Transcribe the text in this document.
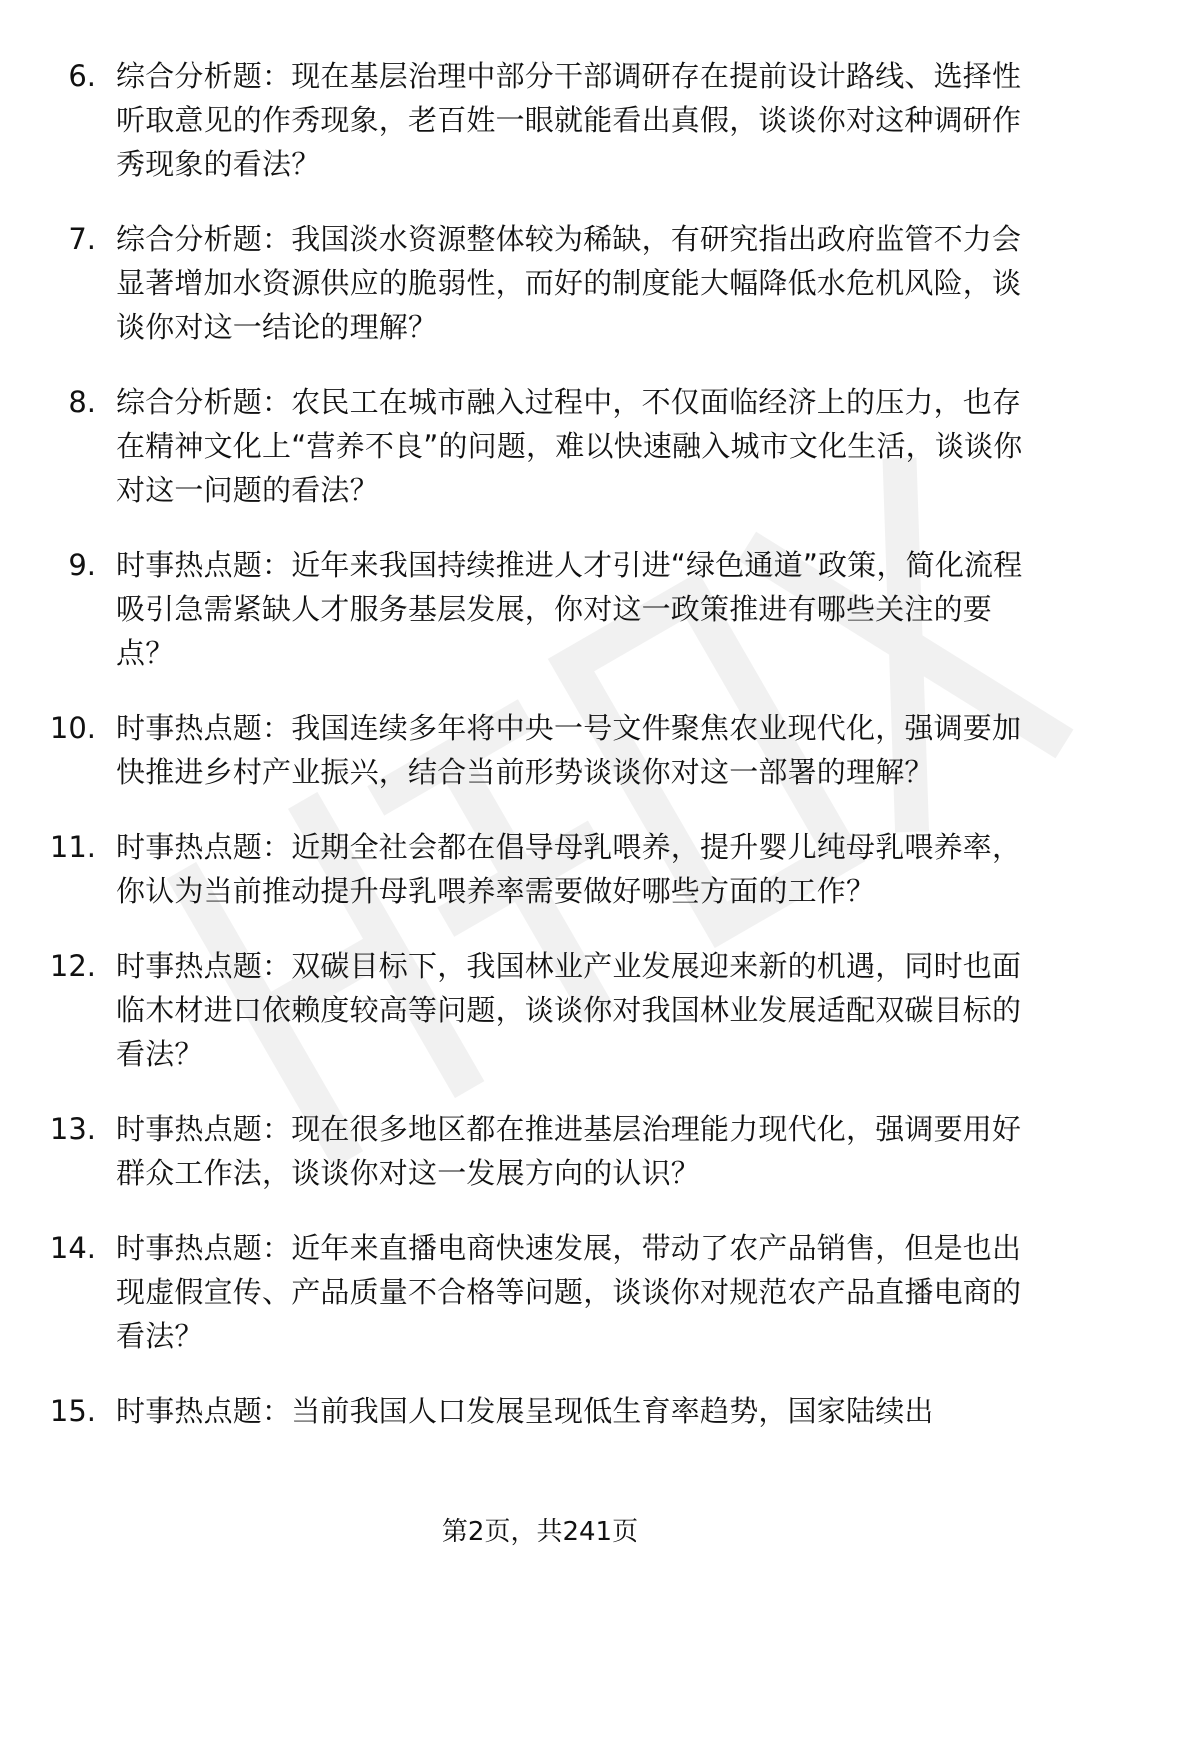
6. 综合分析题：现在基层治理中部分干部调研存在提前设计路线、选择性听取意见的作秀现象，老百姓一眼就能看出真假，谈谈你对这种调研作秀现象的看法？
7. 综合分析题：我国淡水资源整体较为稀缺，有研究指出政府监管不力会显著增加水资源供应的脆弱性，而好的制度能大幅降低水危机风险，谈谈你对这一结论的理解？
8. 综合分析题：农民工在城市融入过程中，不仅面临经济上的压力，也存在精神文化上“营养不良”的问题，难以快速融入城市文化生活，谈谈你对这一问题的看法？
9. 时事热点题：近年来我国持续推进人才引进“绿色通道”政策，简化流程吸引急需紧缺人才服务基层发展，你对这一政策推进有哪些关注的要点？
10. 时事热点题：我国连续多年将中央一号文件聚焦农业现代化，强调要加快推进乡村产业振兴，结合当前形势谈谈你对这一部署的理解？
11. 时事热点题：近期全社会都在倡导母乳喂养，提升婴儿纯母乳喂养率，你认为当前推动提升母乳喂养率需要做好哪些方面的工作？
12. 时事热点题：双碳目标下，我国林业产业发展迎来新的机遇，同时也面临木材进口依赖度较高等问题，谈谈你对我国林业发展适配双碳目标的看法？
13. 时事热点题：现在很多地区都在推进基层治理能力现代化，强调要用好群众工作法，谈谈你对这一发展方向的认识？
14. 时事热点题：近年来直播电商快速发展，带动了农产品销售，但是也出现虚假宣传、产品质量不合格等问题，谈谈你对规范农产品直播电商的看法？
15. 时事热点题：当前我国人口发展呈现低生育率趋势，国家陆续出
第2页，共241页
